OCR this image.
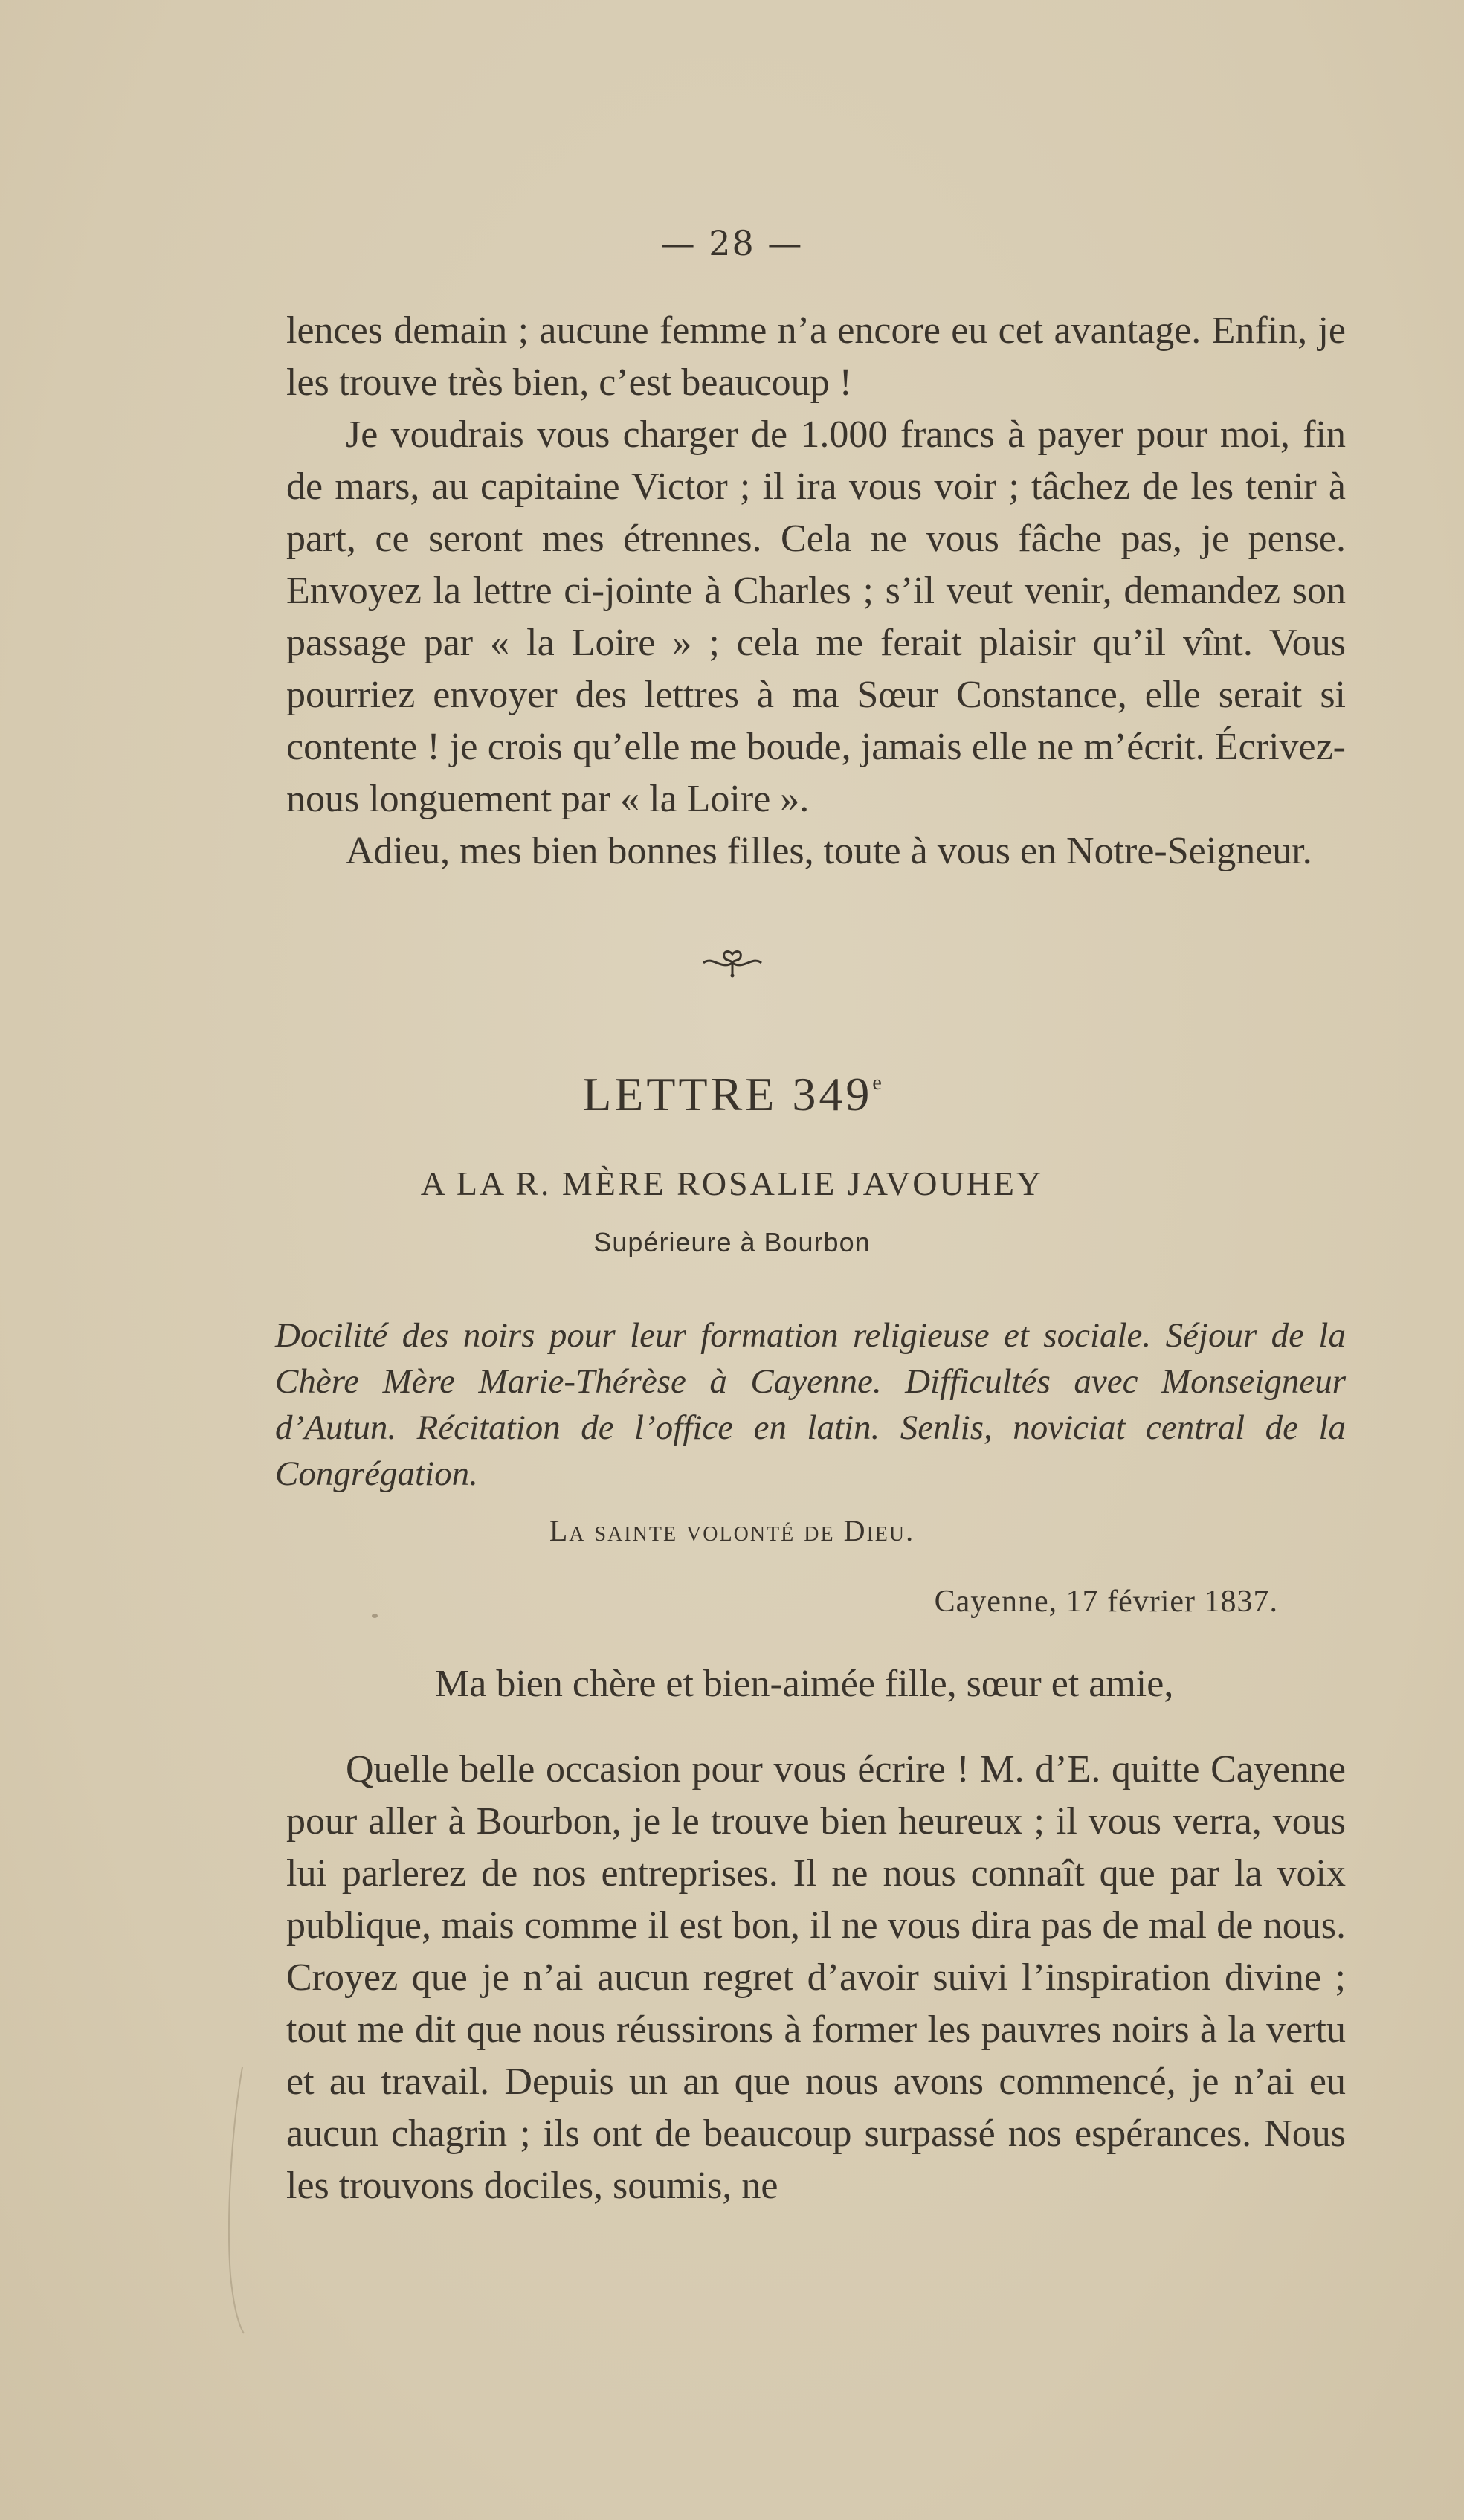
— 28 —

lences demain ; aucune femme n’a encore eu cet avantage. Enfin, je les trouve très bien, c’est beaucoup !

Je voudrais vous charger de 1.000 francs à payer pour moi, fin de mars, au capitaine Victor ; il ira vous voir ; tâchez de les tenir à part, ce seront mes étrennes. Cela ne vous fâche pas, je pense. Envoyez la lettre ci-jointe à Charles ; s’il veut venir, demandez son passage par « la Loire » ; cela me ferait plaisir qu’il vînt. Vous pourriez envoyer des lettres à ma Sœur Constance, elle serait si contente ! je crois qu’elle me boude, jamais elle ne m’écrit. Écrivez-nous longuement par « la Loire ».

Adieu, mes bien bonnes filles, toute à vous en Notre-Seigneur.

LETTRE 349e
A LA R. MÈRE ROSALIE JAVOUHEY
Supérieure à Bourbon

Docilité des noirs pour leur formation religieuse et sociale. Séjour de la Chère Mère Marie-Thérèse à Cayenne. Difficultés avec Monseigneur d’Autun. Récitation de l’office en latin. Senlis, noviciat central de la Congrégation.

La sainte volonté de Dieu.
Cayenne, 17 février 1837.
Ma bien chère et bien-aimée fille, sœur et amie,

Quelle belle occasion pour vous écrire ! M. d’E. quitte Cayenne pour aller à Bourbon, je le trouve bien heureux ; il vous verra, vous lui parlerez de nos entreprises. Il ne nous connaît que par la voix publique, mais comme il est bon, il ne vous dira pas de mal de nous. Croyez que je n’ai aucun regret d’avoir suivi l’inspiration divine ; tout me dit que nous réussirons à former les pauvres noirs à la vertu et au travail. Depuis un an que nous avons commencé, je n’ai eu aucun chagrin ; ils ont de beaucoup surpassé nos espérances. Nous les trouvons dociles, soumis, ne
